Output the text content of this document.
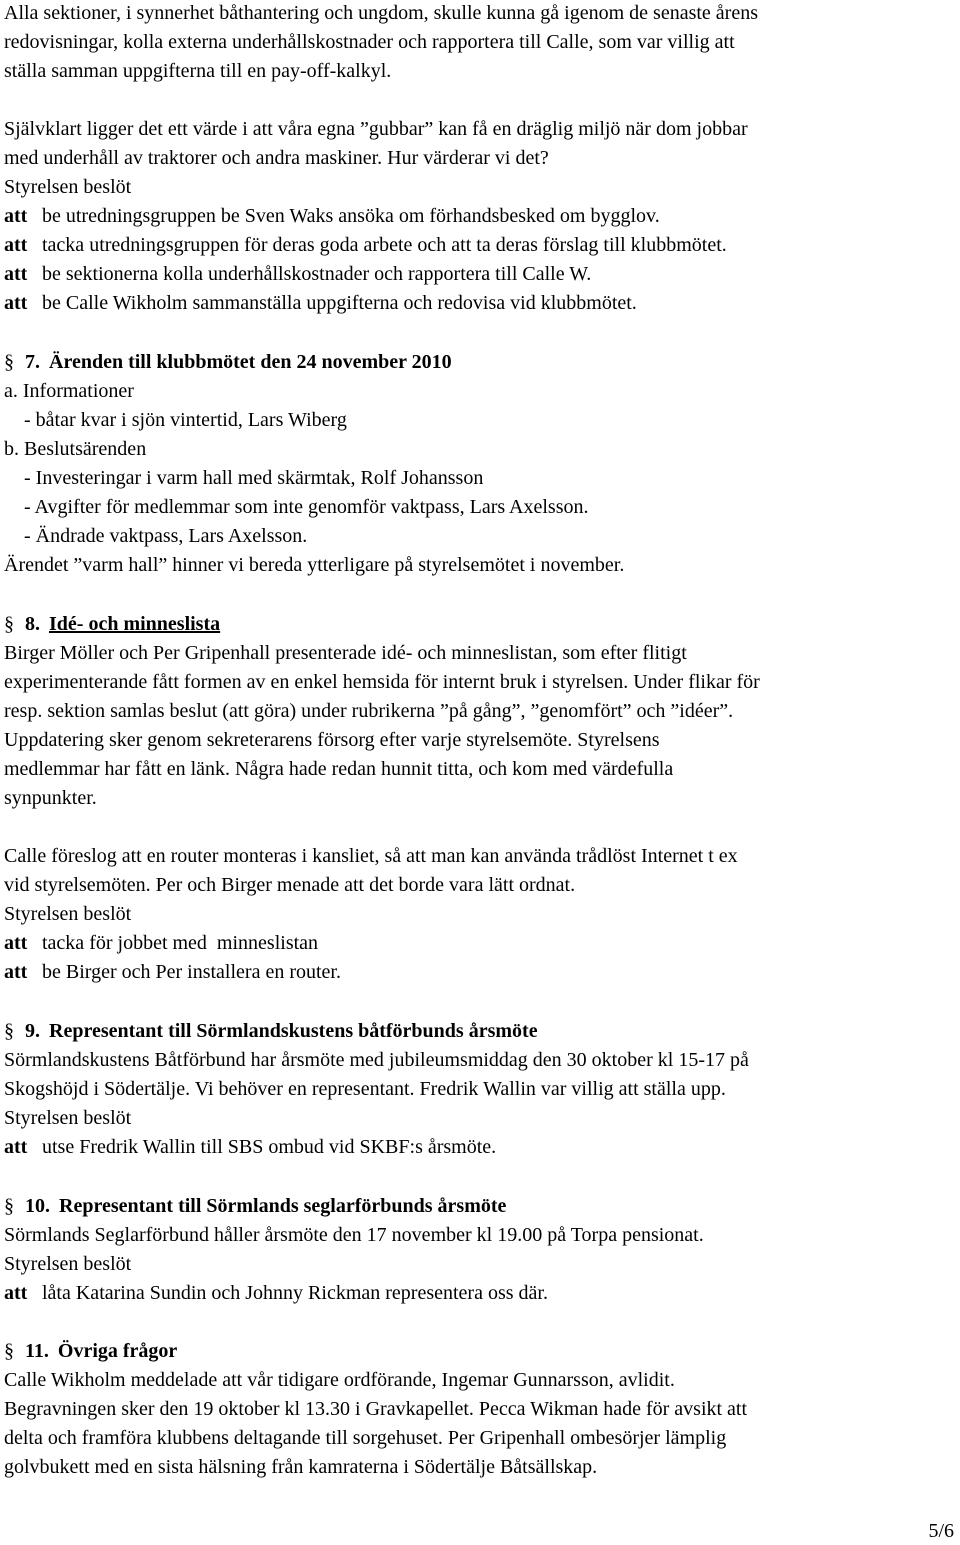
Alla sektioner, i synnerhet båthantering och ungdom, skulle kunna gå igenom de senaste årens
redovisningar, kolla externa underhållskostnader och rapportera till Calle, som var villig att
ställa samman uppgifterna till en pay-off-kalkyl.
Självklart ligger det ett värde i att våra egna ”gubbar” kan få en dräglig miljö när dom jobbar
med underhåll av traktorer och andra maskiner. Hur värderar vi det?
Styrelsen beslöt
att be utredningsgruppen be Sven Waks ansöka om förhandsbesked om bygglov.
att tacka utredningsgruppen för deras goda arbete och att ta deras förslag till klubbmötet.
att be sektionerna kolla underhållskostnader och rapportera till Calle W.
att be Calle Wikholm sammanställa uppgifterna och redovisa vid klubbmötet.
§ 7. Ärenden till klubbmötet den 24 november 2010
a. Informationer
- båtar kvar i sjön vintertid, Lars Wiberg
b. Beslutsärenden
- Investeringar i varm hall med skärmtak, Rolf Johansson
- Avgifter för medlemmar som inte genomför vaktpass, Lars Axelsson.
- Ändrade vaktpass, Lars Axelsson.
Ärendet ”varm hall” hinner vi bereda ytterligare på styrelsemötet i november.
§ 8. Idé- och minneslista
Birger Möller och Per Gripenhall presenterade idé- och minneslistan, som efter flitigt
experimenterande fått formen av en enkel hemsida för internt bruk i styrelsen. Under flikar för
resp. sektion samlas beslut (att göra) under rubrikerna ”på gång”, ”genomfört” och ”idéer”.
Uppdatering sker genom sekreterarens försorg efter varje styrelsemöte. Styrelsens
medlemmar har fått en länk. Några hade redan hunnit titta, och kom med värdefulla
synpunkter.
Calle föreslog att en router monteras i kansliet, så att man kan använda trådlöst Internet t ex
vid styrelsemöten. Per och Birger menade att det borde vara lätt ordnat.
Styrelsen beslöt
att tacka för jobbet med  minneslistan
att be Birger och Per installera en router.
§ 9. Representant till Sörmlandskustens båtförbunds årsmöte
Sörmlandskustens Båtförbund har årsmöte med jubileumsmiddag den 30 oktober kl 15-17 på
Skogshöjd i Södertälje. Vi behöver en representant. Fredrik Wallin var villig att ställa upp.
Styrelsen beslöt
att utse Fredrik Wallin till SBS ombud vid SKBF:s årsmöte.
§ 10. Representant till Sörmlands seglarförbunds årsmöte
Sörmlands Seglarförbund håller årsmöte den 17 november kl 19.00 på Torpa pensionat.
Styrelsen beslöt
att låta Katarina Sundin och Johnny Rickman representera oss där.
§ 11. Övriga frågor
Calle Wikholm meddelade att vår tidigare ordförande, Ingemar Gunnarsson, avlidit.
Begravningen sker den 19 oktober kl 13.30 i Gravkapellet. Pecca Wikman hade för avsikt att
delta och framföra klubbens deltagande till sorgehuset. Per Gripenhall ombesörjer lämplig
golvbukett med en sista hälsning från kamraterna i Södertälje Båtsällskap.
5/6
